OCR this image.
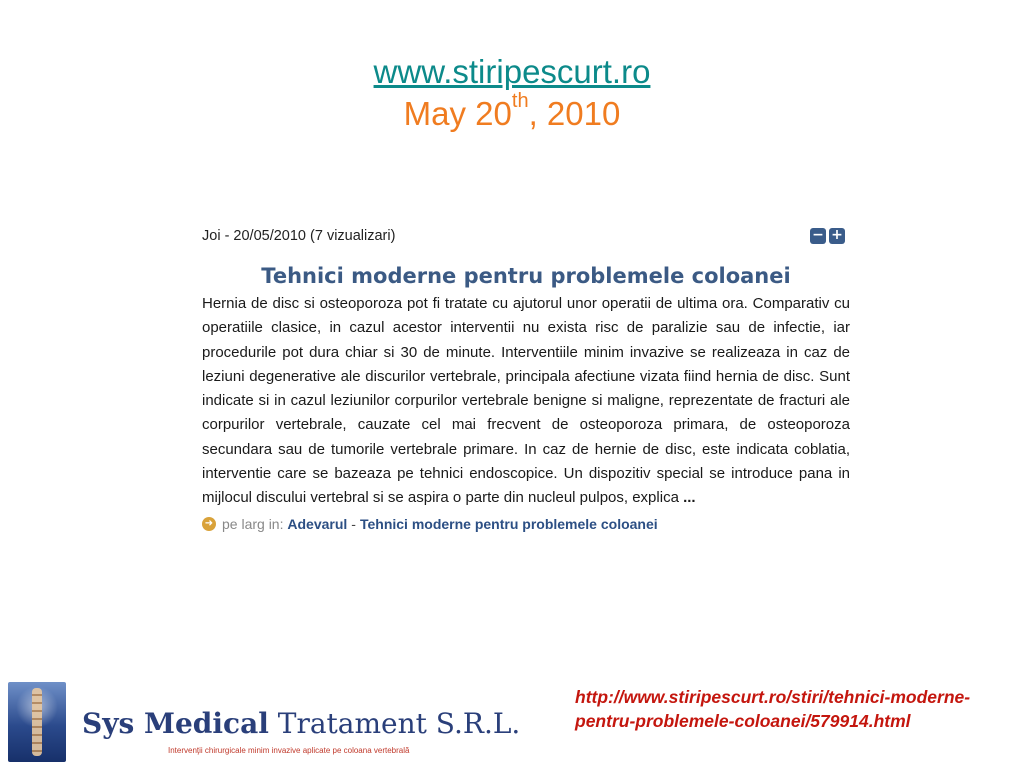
www.stiripescurt.ro
May 20th, 2010
Joi - 20/05/2010 (7 vizualizari)	− +
Tehnici moderne pentru problemele coloanei
Hernia de disc si osteoporoza pot fi tratate cu ajutorul unor operatii de ultima ora. Comparativ cu operatiile clasice, in cazul acestor interventii nu exista risc de paralizie sau de infectie, iar procedurile pot dura chiar si 30 de minute. Interventiile minim invazive se realizeaza in caz de leziuni degenerative ale discurilor vertebrale, principala afectiune vizata fiind hernia de disc. Sunt indicate si in cazul leziunilor corpurilor vertebrale benigne si maligne, reprezentate de fracturi ale corpurilor vertebrale, cauzate cel mai frecvent de osteoporoza primara, de osteoporoza secundara sau de tumorile vertebrale primare. In caz de hernie de disc, este indicata coblatia, interventie care se bazeaza pe tehnici endoscopice. Un dispozitiv special se introduce pana in mijlocul discului vertebral si se aspira o parte din nucleul pulpos, explica ...
➜ pe larg in:
Adevarul - Tehnici moderne pentru problemele coloanei
Sys Medical Tratament S.R.L.
Intervenţii chirurgicale minim invazive aplicate pe coloana vertebrală
http://www.stiripescurt.ro/stiri/tehnici-moderne-pentru-problemele-coloanei/579914.html
